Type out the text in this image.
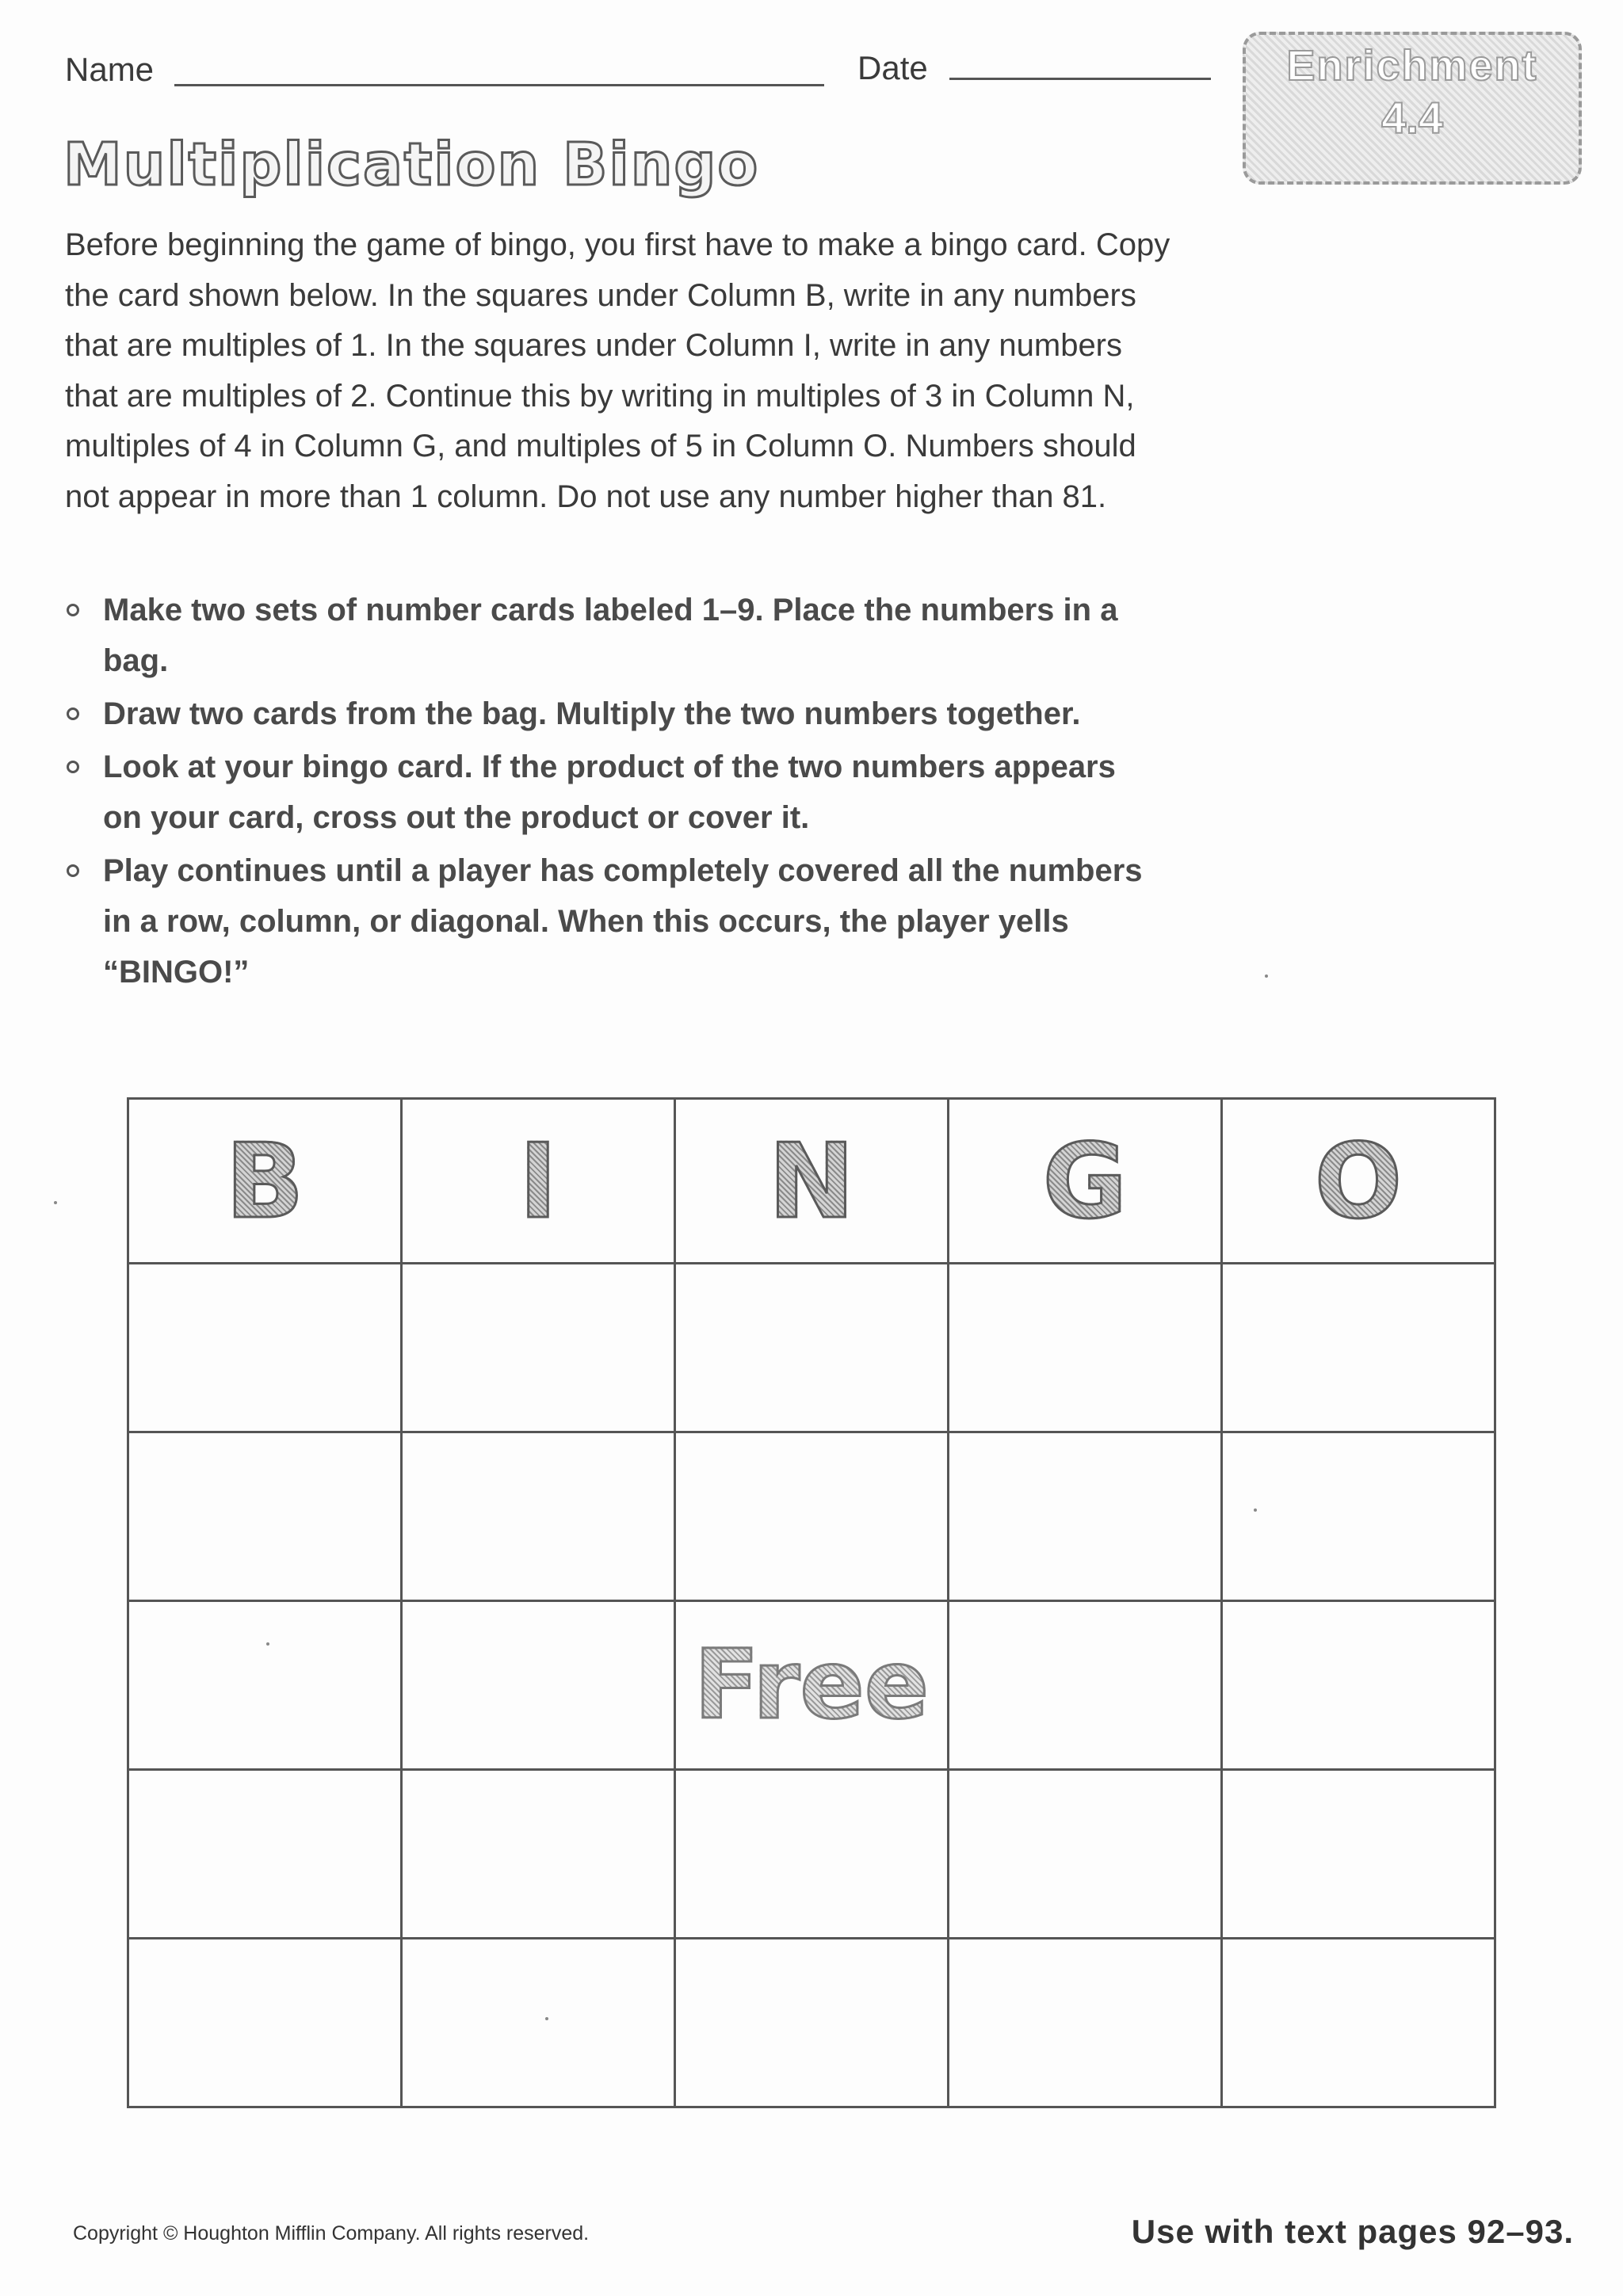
Name	Date	Enrichment
4.4
Multiplication Bingo

Before beginning the game of bingo, you first have to make a bingo card. Copy the card shown below. In the squares under Column B, write in any numbers that are multiples of 1. In the squares under Column I, write in any numbers that are multiples of 2. Continue this by writing in multiples of 3 in Column N, multiples of 4 in Column G, and multiples of 5 in Column O. Numbers should not appear in more than 1 column. Do not use any number higher than 81.

Make two sets of number cards labeled 1–9. Place the numbers in a bag.
Draw two cards from the bag. Multiply the two numbers together.
Look at your bingo card. If the product of the two numbers appears on your card, cross out the product or cover it.
Play continues until a player has completely covered all the numbers in a row, column, or diagonal. When this occurs, the player yells “BINGO!”
B	I	N	G	O

		Free		

Copyright © Houghton Mifflin Company. All rights reserved.	Use with text pages 92–93.
